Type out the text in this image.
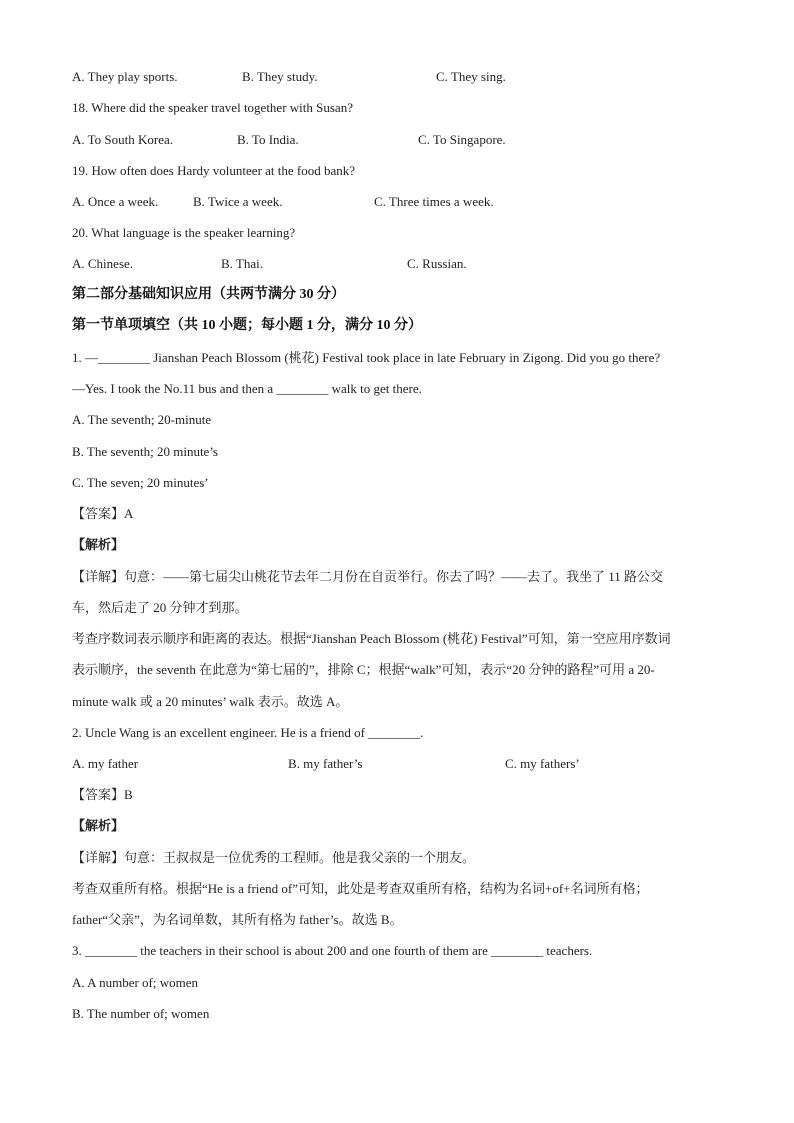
A. They play sports.	B. They study.	C. They sing.
18. Where did the speaker travel together with Susan?
A. To South Korea.	B. To India.	C. To Singapore.
19. How often does Hardy volunteer at the food bank?
A. Once a week.	B. Twice a week.	C. Three times a week.
20. What language is the speaker learning?
A. Chinese.	B. Thai.	C. Russian.
第二部分基础知识应用（共两节满分 30 分）
第一节单项填空（共 10 小题；每小题 1 分，满分 10 分）
1. —________ Jianshan Peach Blossom (桃花) Festival took place in late February in Zigong. Did you go there?
—Yes. I took the No.11 bus and then a ________ walk to get there.
A. The seventh; 20-minute
B. The seventh; 20 minute’s
C. The seven; 20 minutes’
【答案】A
【解析】
【详解】句意：——第七届尖山桃花节去年二月份在自贡举行。你去了吗？——去了。我坐了 11 路公交
车，然后走了 20 分钟才到那。
考查序数词表示顺序和距离的表达。根据“Jianshan Peach Blossom (桃花) Festival”可知，第一空应用序数词
表示顺序，the seventh 在此意为“第七届的”，排除 C；根据“walk”可知，表示“20 分钟的路程”可用 a 20-
minute walk 或 a 20 minutes’ walk 表示。故选 A。
2. Uncle Wang is an excellent engineer. He is a friend of ________.
A. my father	B. my father’s	C. my fathers’
【答案】B
【解析】
【详解】句意：王叔叔是一位优秀的工程师。他是我父亲的一个朋友。
考查双重所有格。根据“He is a friend of”可知，此处是考查双重所有格，结构为名词+of+名词所有格；
father“父亲”，为名词单数，其所有格为 father’s。故选 B。
3. ________ the teachers in their school is about 200 and one fourth of them are ________ teachers.
A. A number of; women
B. The number of; women
